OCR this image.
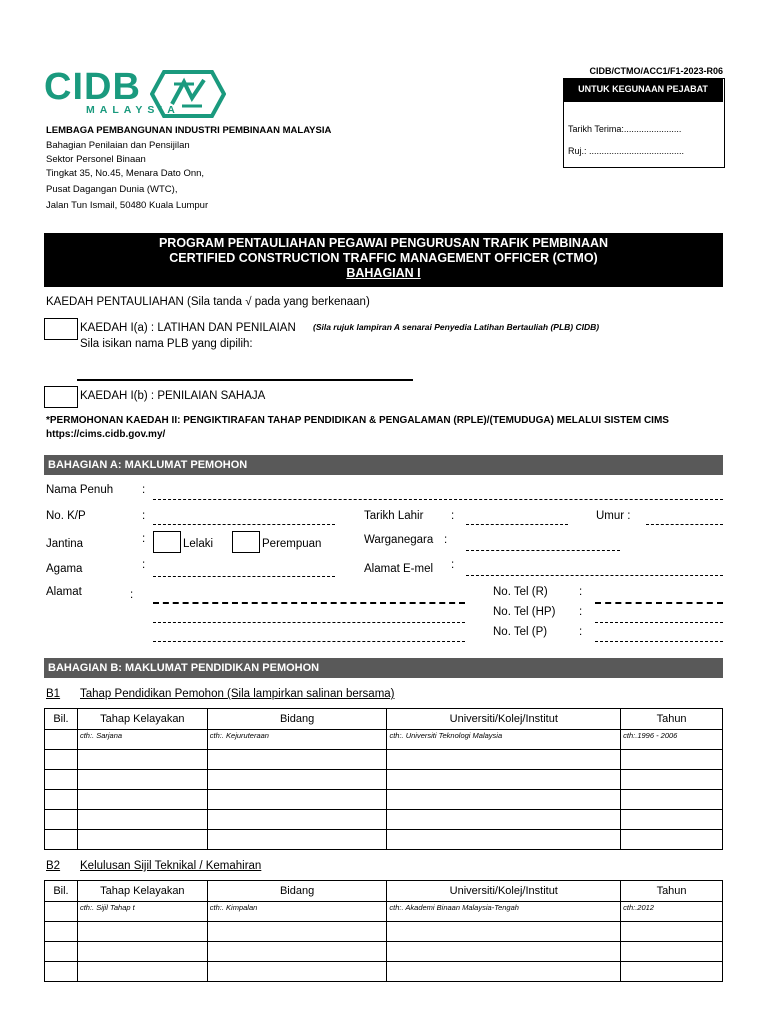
CIDB
MALAYSIA
LEMBAGA PEMBANGUNAN INDUSTRI PEMBINAAN MALAYSIA
Bahagian Penilaian dan Pensijilan
Sektor Personel Binaan
Tingkat 35, No.45, Menara Dato Onn,
Pusat Dagangan Dunia (WTC),
Jalan Tun Ismail, 50480 Kuala Lumpur
CIDB/CTMO/ACC1/F1-2023-R06
UNTUK KEGUNAAN PEJABAT
Tarikh Terima:.......................
Ruj.: ......................................
PROGRAM PENTAULIAHAN PEGAWAI PENGURUSAN TRAFIK PEMBINAAN
CERTIFIED CONSTRUCTION TRAFFIC MANAGEMENT OFFICER (CTMO)
BAHAGIAN I
KAEDAH PENTAULIAHAN (Sila tanda √ pada yang berkenaan)
KAEDAH I(a) : LATIHAN DAN PENILAIAN (Sila rujuk lampiran A senarai Penyedia Latihan Bertauliah (PLB) CIDB)
Sila isikan nama PLB yang dipilih:
KAEDAH I(b) : PENILAIAN SAHAJA
*PERMOHONAN KAEDAH II: PENGIKTIRAFAN TAHAP PENDIDIKAN & PENGALAMAN (RPLE)/(TEMUDUGA) MELALUI SISTEM CIMS
https://cims.cidb.gov.my/
BAHAGIAN A: MAKLUMAT PEMOHON
Nama Penuh	:
No. K/P	:	Tarikh Lahir :	Umur :
Jantina	:	Lelaki	Perempuan	Warganegara :
Agama	:	Alamat E-mel :
Alamat	:	No. Tel (R)	:
No. Tel (HP) :
No. Tel (P)	:
BAHAGIAN B: MAKLUMAT PENDIDIKAN PEMOHON
B1 Tahap Pendidikan Pemohon (Sila lampirkan salinan bersama)
Bil.	Tahap Kelayakan	Bidang	Universiti/Kolej/Institut	Tahun

	cth:. Sarjana	cth:. Kejuruteraan	cth:. Universiti Teknologi Malaysia	cth:.1996 - 2006

B2 Kelulusan Sijil Teknikal / Kemahiran
Bil.	Tahap Kelayakan	Bidang	Universiti/Kolej/Institut	Tahun

	cth:. Sijil Tahap t	cth:. Kimpalan	cth:. Akademi Binaan Malaysia-Tengah	cth:.2012
